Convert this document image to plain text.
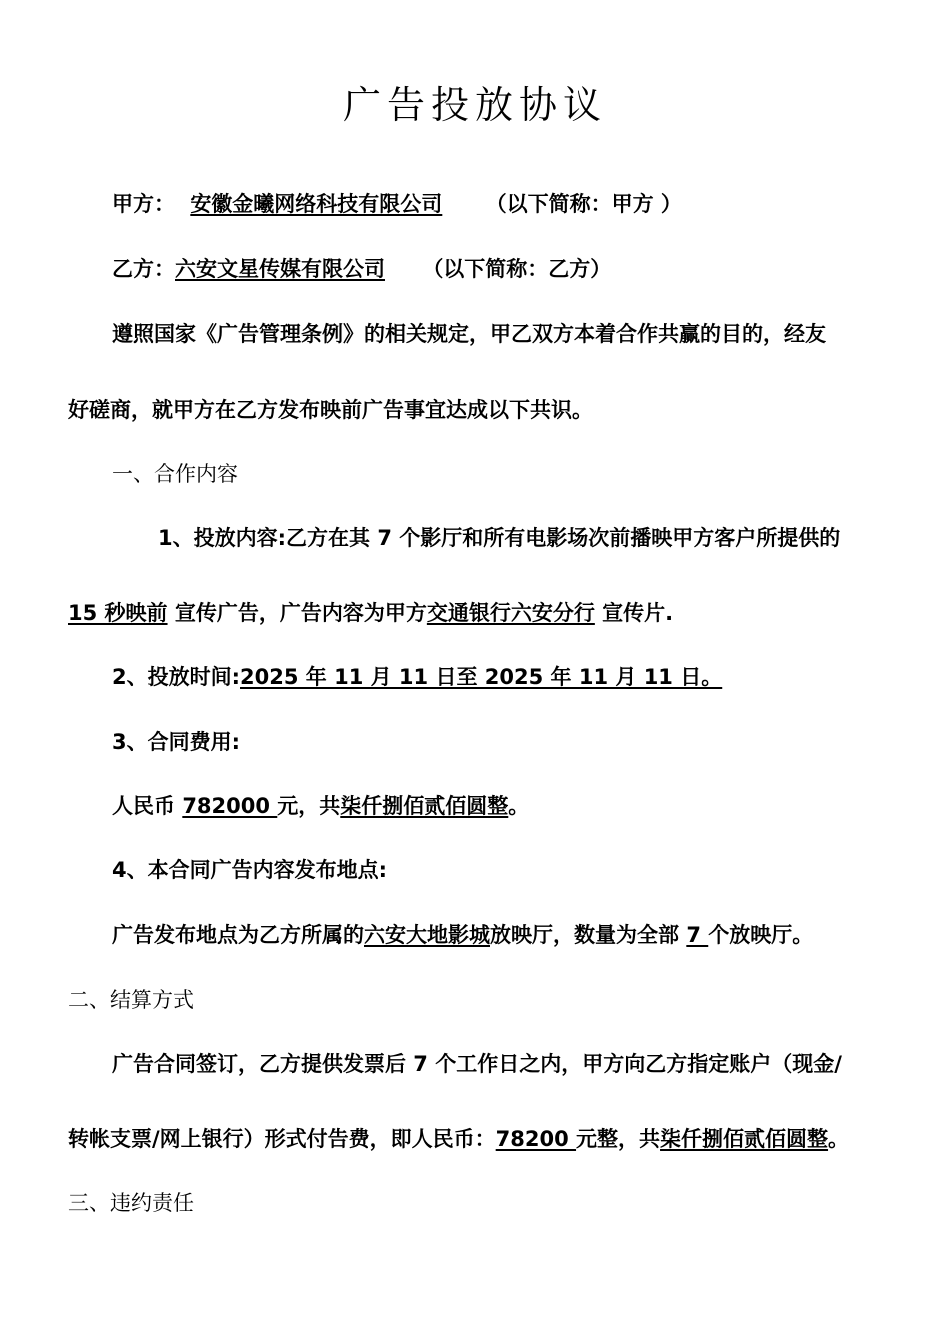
广告投放协议
甲方： 安徽金曦网络科技有限公司 （以下简称：甲方 ）
乙方：六安文星传媒有限公司 （以下简称：乙方）
遵照国家《广告管理条例》的相关规定，甲乙双方本着合作共赢的目的，经友
好磋商，就甲方在乙方发布映前广告事宜达成以下共识。
一、合作内容
1、投放内容:乙方在其 7 个影厅和所有电影场次前播映甲方客户所提供的
15 秒映前 宣传广告，广告内容为甲方交通银行六安分行 宣传片.
2、投放时间:2025 年 11 月 11 日至 2025 年 11 月 11 日。
3、合同费用:
人民币 782000 元，共柒仟捌佰贰佰圆整。
4、本合同广告内容发布地点:
广告发布地点为乙方所属的六安大地影城放映厅，数量为全部 7 个放映厅。
二、结算方式
广告合同签订，乙方提供发票后 7 个工作日之内，甲方向乙方指定账户（现金/
转帐支票/网上银行）形式付告费，即人民币：78200 元整，共柒仟捌佰贰佰圆整。
三、违约责任
